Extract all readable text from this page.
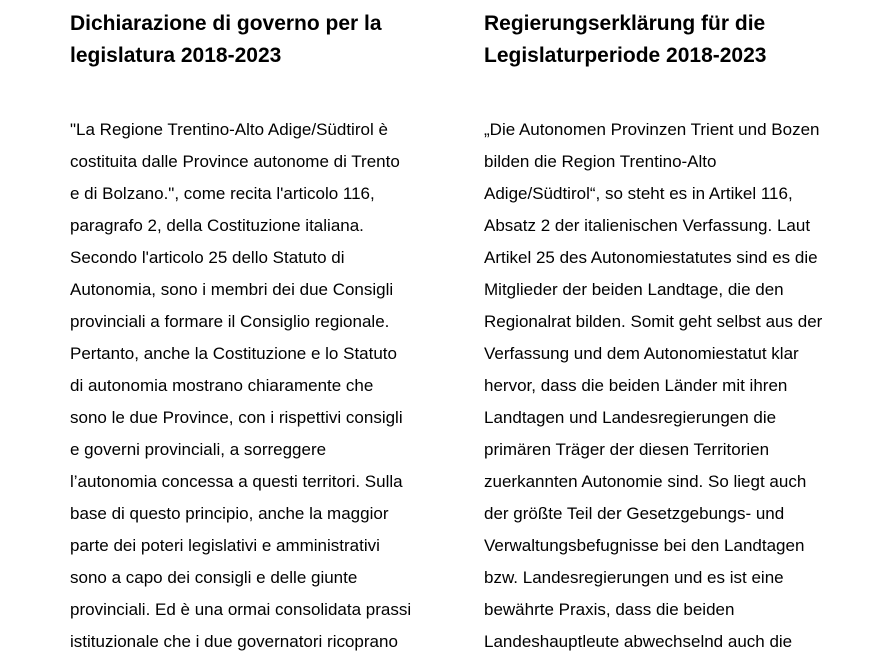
Dichiarazione di governo per la
legislatura 2018-2023

"La Regione Trentino-Alto Adige/Südtirol è
costituita dalle Province autonome di Trento
e di Bolzano.", come recita l'articolo 116,
paragrafo 2, della Costituzione italiana.
Secondo l'articolo 25 dello Statuto di
Autonomia, sono i membri dei due Consigli
provinciali a formare il Consiglio regionale.
Pertanto, anche la Costituzione e lo Statuto
di autonomia mostrano chiaramente che
sono le due Province, con i rispettivi consigli
e governi provinciali, a sorreggere
l’autonomia concessa a questi territori. Sulla
base di questo principio, anche la maggior
parte dei poteri legislativi e amministrativi
sono a capo dei consigli e delle giunte
provinciali. Ed è una ormai consolidata prassi
istituzionale che i due governatori ricoprano

Regierungserklärung für die
Legislaturperiode 2018-2023

„Die Autonomen Provinzen Trient und Bozen
bilden die Region Trentino-Alto
Adige/Südtirol“, so steht es in Artikel 116,
Absatz 2 der italienischen Verfassung. Laut
Artikel 25 des Autonomiestatutes sind es die
Mitglieder der beiden Landtage, die den
Regionalrat bilden. Somit geht selbst aus der
Verfassung und dem Autonomiestatut klar
hervor, dass die beiden Länder mit ihren
Landtagen und Landesregierungen die
primären Träger der diesen Territorien
zuerkannten Autonomie sind. So liegt auch
der größte Teil der Gesetzgebungs- und
Verwaltungsbefugnisse bei den Landtagen
bzw. Landesregierungen und es ist eine
bewährte Praxis, dass die beiden
Landeshauptleute abwechselnd auch die
